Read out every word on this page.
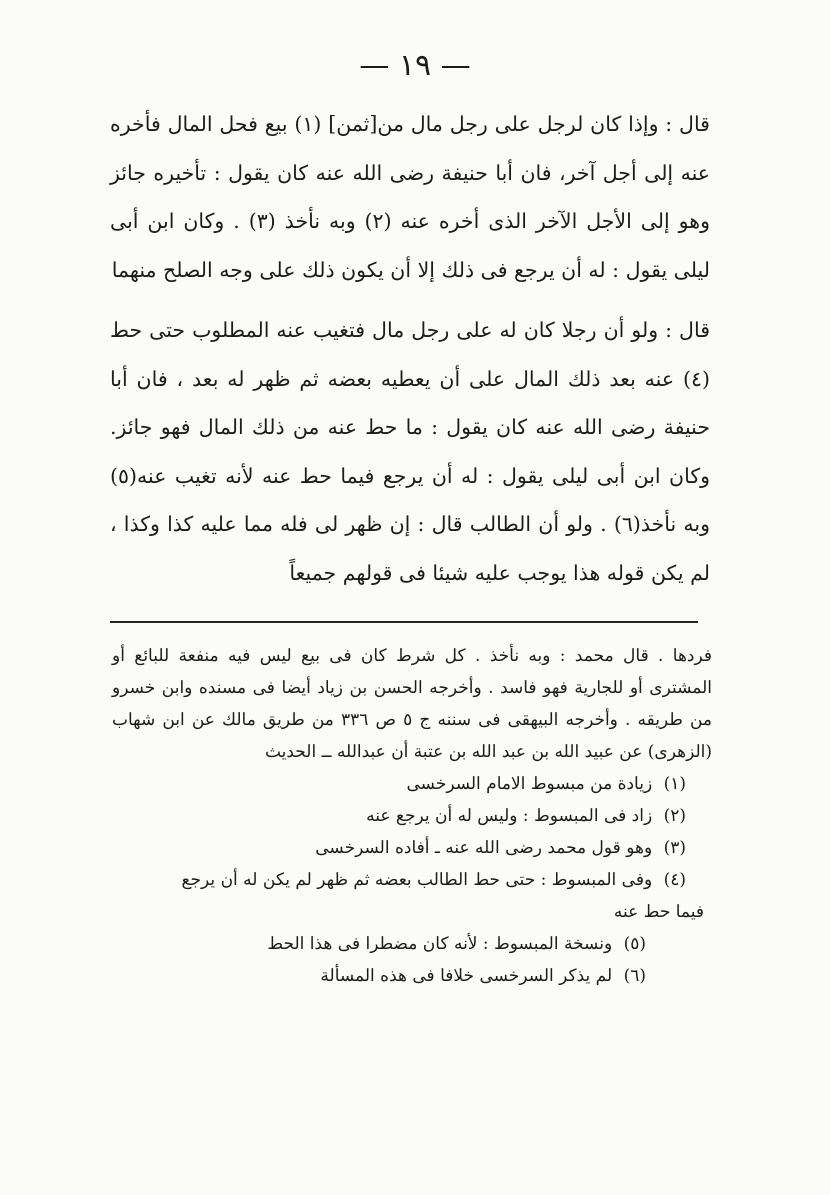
— ١٩ —

قال : وإذا كان لرجل على رجل مال من[ثمن] (١) بيع فحل المال فأخره عنه إلى أجل آخر، فان أبا حنيفة رضى الله عنه كان يقول : تأخيره جائز وهو إلى الأجل الآخر الذى أخره عنه (٢) وبه نأخذ (٣) . وكان ابن أبى ليلى يقول : له أن يرجع فى ذلك إلا أن يكون ذلك على وجه الصلح منهما

قال : ولو أن رجلا كان له على رجل مال فتغيب عنه المطلوب حتى حط (٤) عنه بعد ذلك المال على أن يعطيه بعضه ثم ظهر له بعد ، فان أبا حنيفة رضى الله عنه كان يقول : ما حط عنه من ذلك المال فهو جائز. وكان ابن أبى ليلى يقول : له أن يرجع فيما حط عنه لأنه تغيب عنه(٥) وبه نأخذ(٦) . ولو أن الطالب قال : إن ظهر لى فله مما عليه كذا وكذا ، لم يكن قوله هذا يوجب عليه شيئا فى قولهم جميعاً

فردها . قال محمد : وبه نأخذ . كل شرط كان فى بيع ليس فيه منفعة للبائع أو المشترى أو للجارية فهو فاسد . وأخرجه الحسن بن زياد أيضا فى مسنده وابن خسرو من طريقه . وأخرجه البيهقى فى سننه ج ٥ ص ٣٣٦ من طريق مالك عن ابن شهاب (الزهرى) عن عبيد الله بن عبد الله بن عتبة أن عبدالله ــ الحديث

(١) زيادة من مبسوط الامام السرخسى

(٢) زاد فى المبسوط : وليس له أن يرجع عنه

(٣) وهو قول محمد رضى الله عنه ـ أفاده السرخسى

(٤) وفى المبسوط : حتى حط الطالب بعضه ثم ظهر لم يكن له أن يرجع

فيما حط عنه

(٥) ونسخة المبسوط : لأنه كان مضطرا فى هذا الحط

(٦) لم يذكر السرخسى خلافا فى هذه المسألة
